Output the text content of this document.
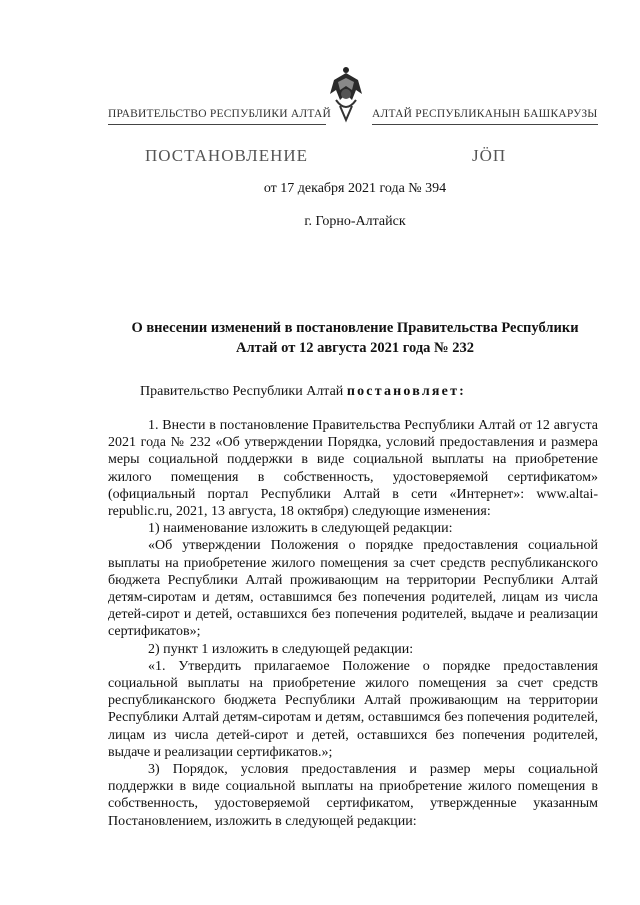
ПРАВИТЕЛЬСТВО РЕСПУБЛИКИ АЛТАЙ	АЛТАЙ РЕСПУБЛИКАНЫН БАШКАРУЗЫ
ПОСТАНОВЛЕНИЕ	ЈӦП
от 17 декабря 2021 года № 394
г. Горно-Алтайск
О внесении изменений в постановление Правительства Республики
Алтай от 12 августа 2021 года № 232
Правительство Республики Алтай постановляет:

1. Внести в постановление Правительства Республики Алтай от 12 августа 2021 года № 232 «Об утверждении Порядка, условий предоставления и размера меры социальной поддержки в виде социальной выплаты на приобретение жилого помещения в собственность, удостоверяемой сертификатом» (официальный портал Республики Алтай в сети «Интернет»: www.altai-republic.ru, 2021, 13 августа, 18 октября) следующие изменения:

1) наименование изложить в следующей редакции:

«Об утверждении Положения о порядке предоставления социальной выплаты на приобретение жилого помещения за счет средств республиканского бюджета Республики Алтай проживающим на территории Республики Алтай детям-сиротам и детям, оставшимся без попечения родителей, лицам из числа детей-сирот и детей, оставшихся без попечения родителей, выдаче и реализации сертификатов»;

2) пункт 1 изложить в следующей редакции:

«1. Утвердить прилагаемое Положение о порядке предоставления социальной выплаты на приобретение жилого помещения за счет средств республиканского бюджета Республики Алтай проживающим на территории Республики Алтай детям-сиротам и детям, оставшимся без попечения родителей, лицам из числа детей-сирот и детей, оставшихся без попечения родителей, выдаче и реализации сертификатов.»;

3) Порядок, условия предоставления и размер меры социальной поддержки в виде социальной выплаты на приобретение жилого помещения в собственность, удостоверяемой сертификатом, утвержденные указанным Постановлением, изложить в следующей редакции:
